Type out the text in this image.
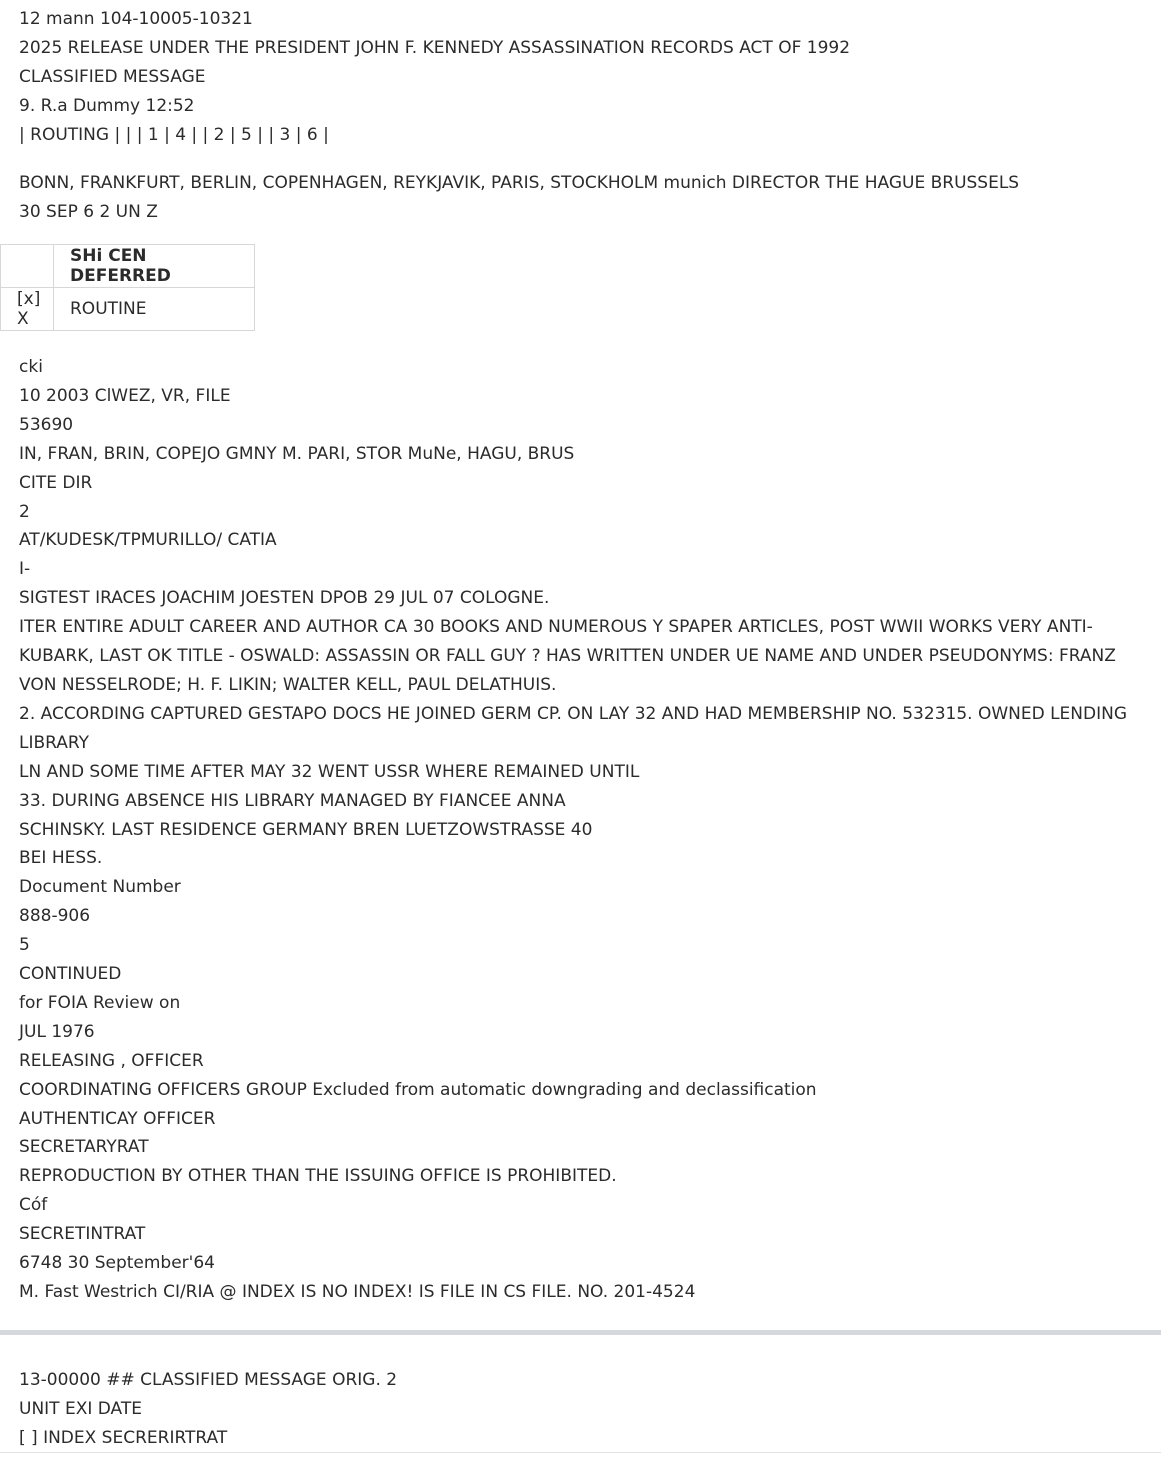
12 mann 104-10005-10321
2025 RELEASE UNDER THE PRESIDENT JOHN F. KENNEDY ASSASSINATION RECORDS ACT OF 1992
CLASSIFIED MESSAGE
9. R.a Dummy 12:52
| ROUTING | | | 1 | 4 | | 2 | 5 | | 3 | 6 |
BONN, FRANKFURT, BERLIN, COPENHAGEN, REYKJAVIK, PARIS, STOCKHOLM munich DIRECTOR THE HAGUE BRUSSELS
30 SEP 6 2 UN Z
	SHi CEN DEFERRED
[x] X	ROUTINE
cki
10 2003 ClWEZ, VR, FILE
53690
IN, FRAN, BRIN, COPEJO GMNY M. PARI, STOR MuNe, HAGU, BRUS
CITE DIR
2
AT/KUDESK/TPMURILLO/ CATIA
I-
SIGTEST IRACES JOACHIM JOESTEN DPOB 29 JUL 07 COLOGNE.
ITER ENTIRE ADULT CAREER AND AUTHOR CA 30 BOOKS AND NUMEROUS Y SPAPER ARTICLES, POST WWII WORKS VERY ANTI-KUBARK, LAST OK TITLE - OSWALD: ASSASSIN OR FALL GUY ? HAS WRITTEN UNDER UE NAME AND UNDER PSEUDONYMS: FRANZ VON NESSELRODE; H. F. LIKIN; WALTER KELL, PAUL DELATHUIS.
2. ACCORDING CAPTURED GESTAPO DOCS HE JOINED GERM CP. ON LAY 32 AND HAD MEMBERSHIP NO. 532315. OWNED LENDING LIBRARY
LN AND SOME TIME AFTER MAY 32 WENT USSR WHERE REMAINED UNTIL
33. DURING ABSENCE HIS LIBRARY MANAGED BY FIANCEE ANNA
SCHINSKY. LAST RESIDENCE GERMANY BREN LUETZOWSTRASSE 40
BEI HESS.
Document Number
888-906
5
CONTINUED
for FOIA Review on
JUL 1976
RELEASING , OFFICER
COORDINATING OFFICERS GROUP Excluded from automatic downgrading and declassification
AUTHENTICAY OFFICER
SECRETARYRAT
REPRODUCTION BY OTHER THAN THE ISSUING OFFICE IS PROHIBITED.
Cóf
SECRETINTRAT
6748 30 September'64
M. Fast Westrich CI/RIA @ INDEX IS NO INDEX! IS FILE IN CS FILE. NO. 201-4524
13-00000 ## CLASSIFIED MESSAGE ORIG. 2
UNIT EXI DATE
[ ] INDEX SECRERIRTRAT
